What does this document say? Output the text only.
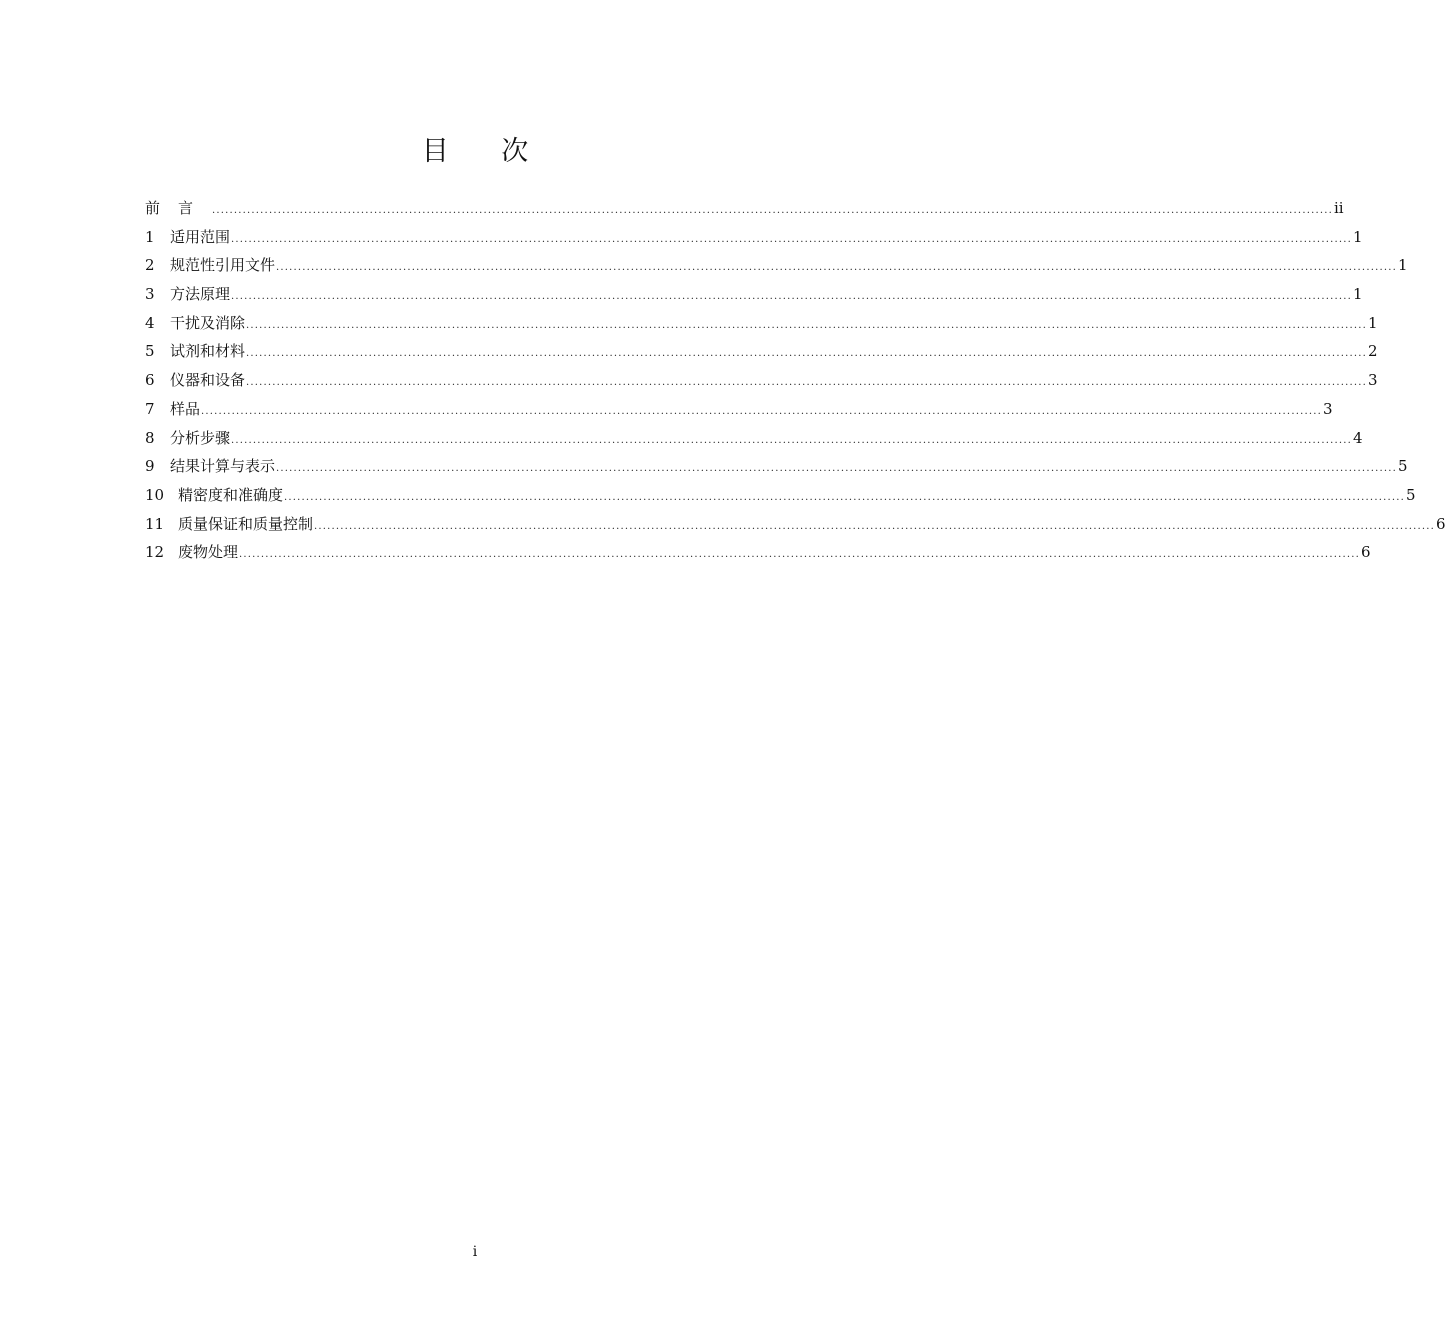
目 次
前言 ................................................................................................................................................................................................................................................................ ii
1	适用范围 ................................................................................................................................................................................................................................................................ 1
2	规范性引用文件 ................................................................................................................................................................................................................................................................ 1
3	方法原理 ................................................................................................................................................................................................................................................................ 1
4	干扰及消除 ................................................................................................................................................................................................................................................................ 1
5	试剂和材料 ................................................................................................................................................................................................................................................................ 2
6	仪器和设备 ................................................................................................................................................................................................................................................................ 3
7	样品 ................................................................................................................................................................................................................................................................ 3
8	分析步骤 ................................................................................................................................................................................................................................................................ 4
9	结果计算与表示 ................................................................................................................................................................................................................................................................ 5
10 精密度和准确度 ................................................................................................................................................................................................................................................................ 5
11 质量保证和质量控制 ................................................................................................................................................................................................................................................................ 6
12 废物处理 ................................................................................................................................................................................................................................................................ 6
i
